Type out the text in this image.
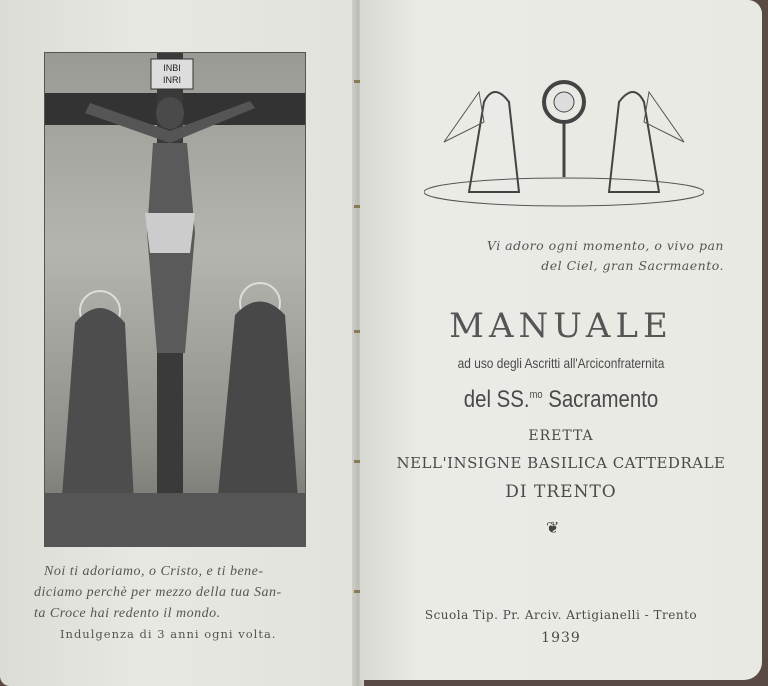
INBI INRI
Noi ti adoriamo, o Cristo, e ti bene-
diciamo perchè per mezzo della tua San-
ta Croce hai redento il mondo.
Indulgenza di 3 anni ogni volta.
Vi adoro ogni momento, o vivo pan
del Ciel, gran Sacrmaento.
MANUALE
ad uso degli Ascritti all'Arciconfraternita
del SS.$^{mo}$ Sacramento
ERETTA
NELL'INSIGNE BASILICA CATTEDRALE
DI TRENTO
❦
Scuola Tip. Pr. Arciv. Artigianelli - Trento
1939
